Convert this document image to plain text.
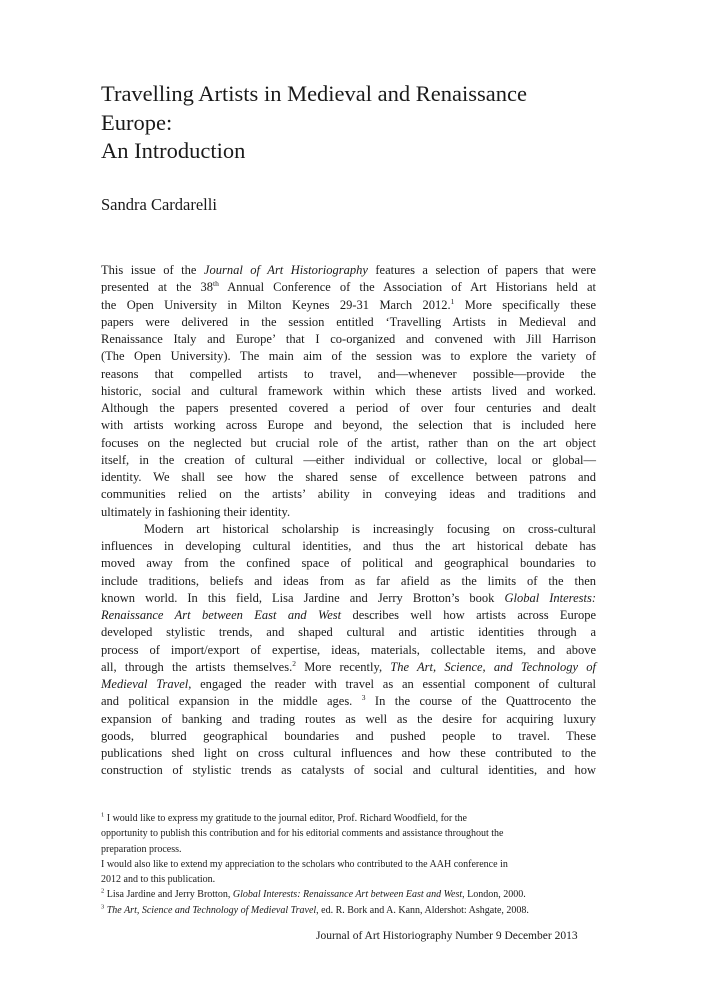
Travelling Artists in Medieval and Renaissance
Europe:
An Introduction
Sandra Cardarelli
This issue of the Journal of Art Historiography features a selection of papers that were
presented at the 38th Annual Conference of the Association of Art Historians held at
the Open University in Milton Keynes 29-31 March 2012.$^1$ More specifically these
papers were delivered in the session entitled ‘Travelling Artists in Medieval and
Renaissance Italy and Europe’ that I co-organized and convened with Jill Harrison
(The Open University). The main aim of the session was to explore the variety of
reasons that compelled artists to travel, and—whenever possible—provide the
historic, social and cultural framework within which these artists lived and worked.
Although the papers presented covered a period of over four centuries and dealt
with artists working across Europe and beyond, the selection that is included here
focuses on the neglected but crucial role of the artist, rather than on the art object
itself, in the creation of cultural —either individual or collective, local or global—
identity. We shall see how the shared sense of excellence between patrons and
communities relied on the artists’ ability in conveying ideas and traditions and
ultimately in fashioning their identity.
Modern art historical scholarship is increasingly focusing on cross-cultural
influences in developing cultural identities, and thus the art historical debate has
moved away from the confined space of political and geographical boundaries to
include traditions, beliefs and ideas from as far afield as the limits of the then
known world. In this field, Lisa Jardine and Jerry Brotton’s book Global Interests:
Renaissance Art between East and West describes well how artists across Europe
developed stylistic trends, and shaped cultural and artistic identities through a
process of import/export of expertise, ideas, materials, collectable items, and above
all, through the artists themselves.$^2$ More recently, The Art, Science, and Technology of
Medieval Travel, engaged the reader with travel as an essential component of cultural
and political expansion in the middle ages. $^3$ In the course of the Quattrocento the
expansion of banking and trading routes as well as the desire for acquiring luxury
goods, blurred geographical boundaries and pushed people to travel. These
publications shed light on cross cultural influences and how these contributed to the
construction of stylistic trends as catalysts of social and cultural identities, and how
$^1$ I would like to express my gratitude to the journal editor, Prof. Richard Woodfield, for the
opportunity to publish this contribution and for his editorial comments and assistance throughout the
preparation process.
I would also like to extend my appreciation to the scholars who contributed to the AAH conference in
2012 and to this publication.
$^2$ Lisa Jardine and Jerry Brotton, Global Interests: Renaissance Art between East and West, London, 2000.
$^3$ The Art, Science and Technology of Medieval Travel, ed. R. Bork and A. Kann, Aldershot: Ashgate, 2008.
Journal of Art Historiography Number 9 December 2013
